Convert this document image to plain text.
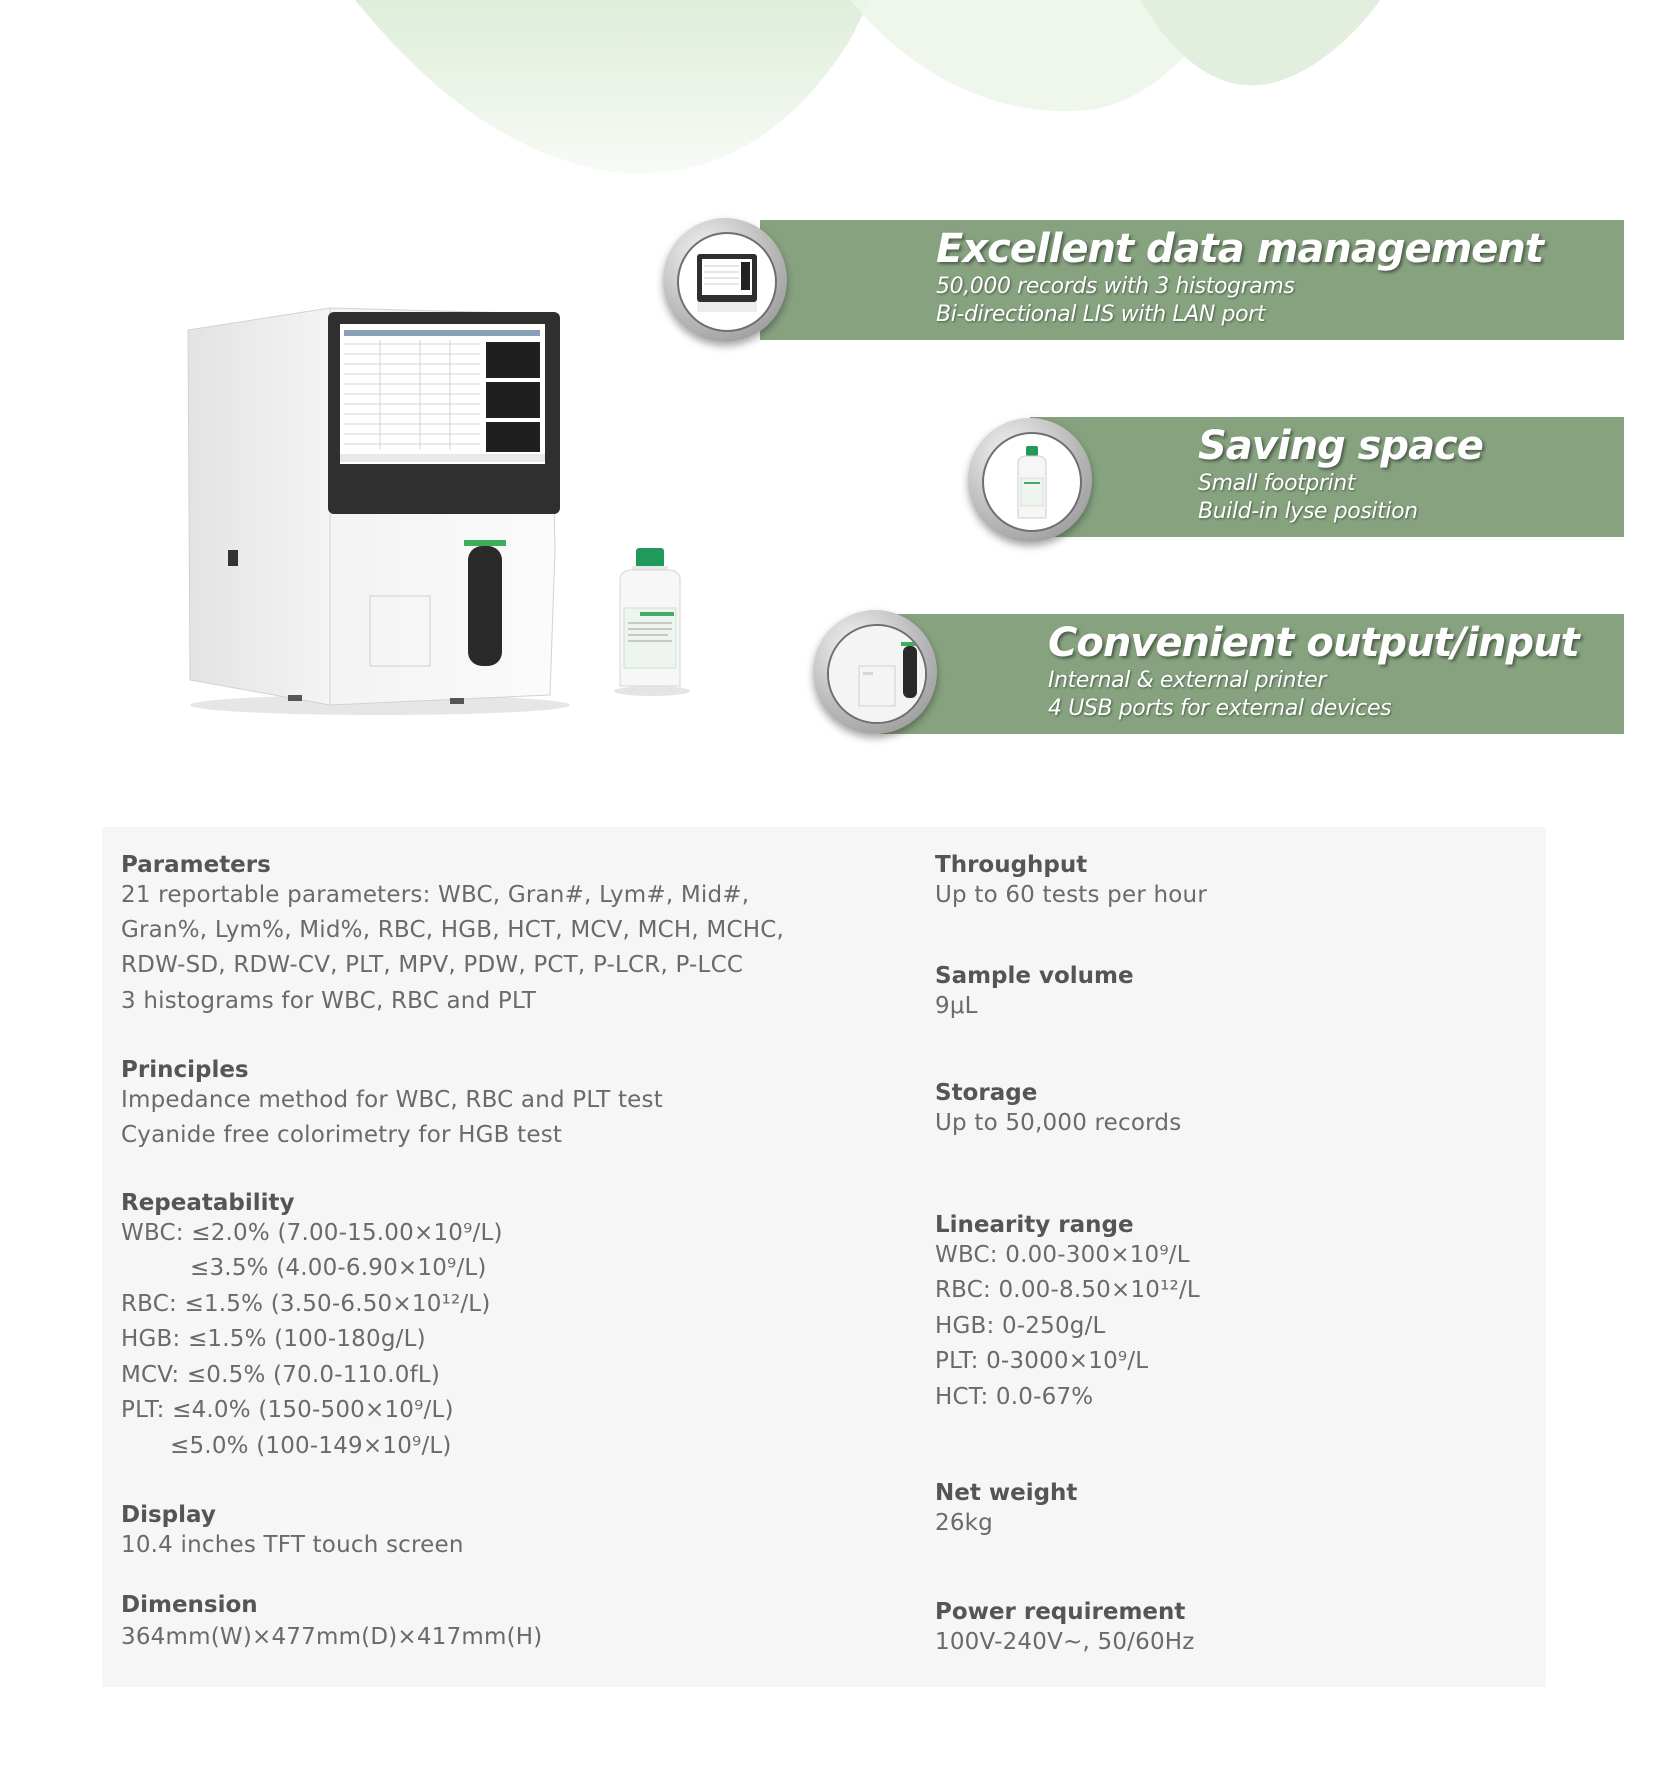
Excellent data management
50,000 records with 3 histograms
Bi-directional LIS with LAN port
Saving space
Small footprint
Build-in lyse position
Convenient output/input
Internal & external printer
4 USB ports for external devices
Parameters
21 reportable parameters: WBC, Gran#, Lym#, Mid#,
Gran%, Lym%, Mid%, RBC, HGB, HCT, MCV, MCH, MCHC,
RDW-SD, RDW-CV, PLT, MPV, PDW, PCT, P-LCR, P-LCC
3 histograms for WBC, RBC and PLT
Principles
Impedance method for WBC, RBC and PLT test
Cyanide free colorimetry for HGB test
Repeatability
WBC: ≤2.0% (7.00-15.00×10⁹/L)
≤3.5% (4.00-6.90×10⁹/L)
RBC: ≤1.5% (3.50-6.50×10¹²/L)
HGB: ≤1.5% (100-180g/L)
MCV: ≤0.5% (70.0-110.0fL)
PLT: ≤4.0% (150-500×10⁹/L)
≤5.0% (100-149×10⁹/L)
Display
10.4 inches TFT touch screen
Dimension
364mm(W)×477mm(D)×417mm(H)
Throughput
Up to 60 tests per hour
Sample volume
9μL
Storage
Up to 50,000 records
Linearity range
WBC: 0.00-300×10⁹/L
RBC: 0.00-8.50×10¹²/L
HGB: 0-250g/L
PLT: 0-3000×10⁹/L
HCT: 0.0-67%
Net weight
26kg
Power requirement
100V-240V~, 50/60Hz
